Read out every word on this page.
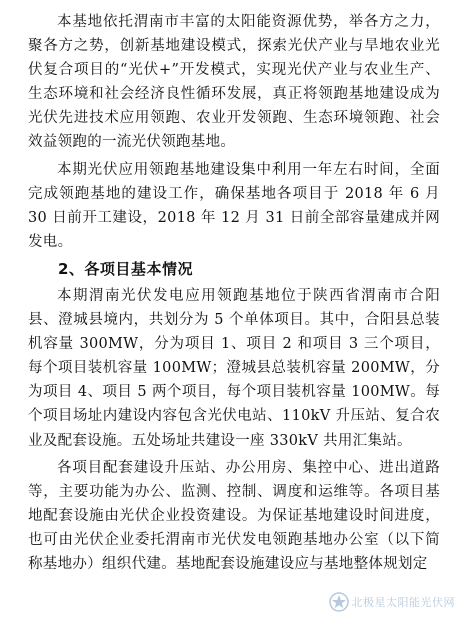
本基地依托渭南市丰富的太阳能资源优势，举各方之力，聚各方之势，创新基地建设模式，探索光伏产业与旱地农业光伏复合项目的“光伏+”开发模式，实现光伏产业与农业生产、生态环境和社会经济良性循环发展，真正将领跑基地建设成为光伏先进技术应用领跑、农业开发领跑、生态环境领跑、社会效益领跑的一流光伏领跑基地。

本期光伏应用领跑基地建设集中利用一年左右时间，全面完成领跑基地的建设工作，确保基地各项目于 2018 年 6 月 30 日前开工建设，2018 年 12 月 31 日前全部容量建成并网发电。

2、各项目基本情况

本期渭南光伏发电应用领跑基地位于陕西省渭南市合阳县、澄城县境内，共划分为 5 个单体项目。其中，合阳县总装机容量 300MW，分为项目 1、项目 2 和项目 3 三个项目，每个项目装机容量 100MW；澄城县总装机容量 200MW，分为项目 4、项目 5 两个项目，每个项目装机容量 100MW。每个项目场址内建设内容包含光伏电站、110kV 升压站、复合农业及配套设施。五处场址共建设一座 330kV 共用汇集站。

各项目配套建设升压站、办公用房、集控中心、进出道路等，主要功能为办公、监测、控制、调度和运维等。各项目基地配套设施由光伏企业投资建设。为保证基地建设时间进度，也可由光伏企业委托渭南市光伏发电领跑基地办公室（以下简称基地办）组织代建。基地配套设施建设应与基地整体规划定

北极星太阳能光伏网
